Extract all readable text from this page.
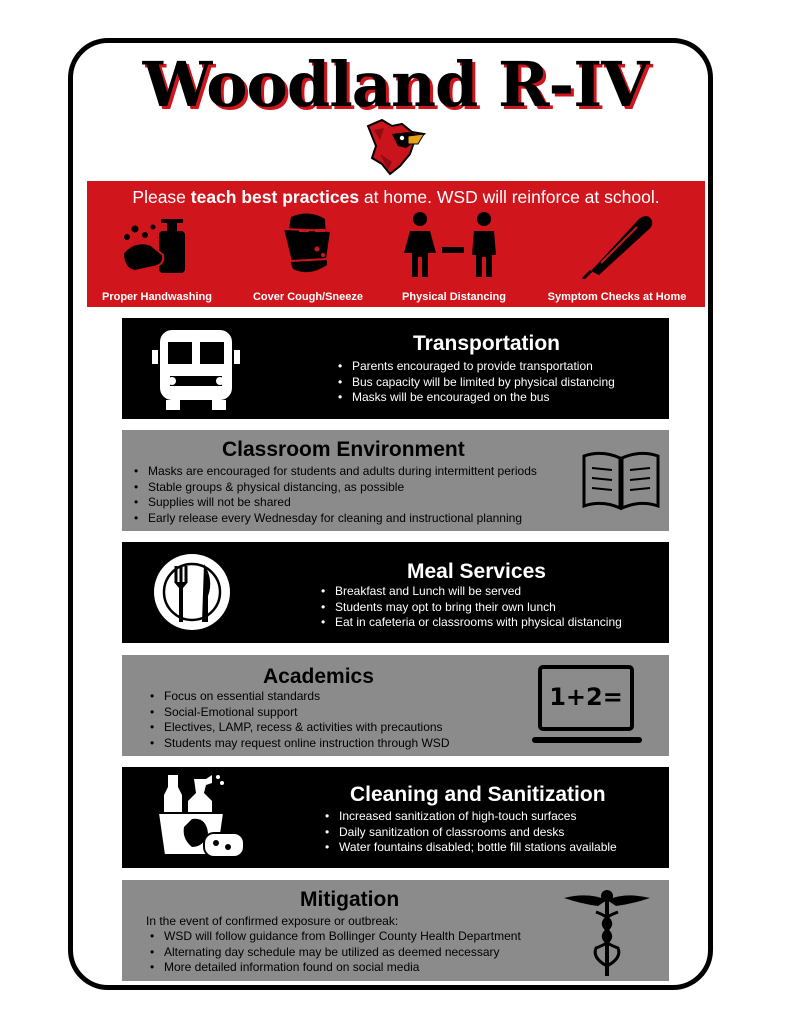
Woodland R-IV
Please teach best practices at home. WSD will reinforce at school.
Proper Handwashing	Cover Cough/Sneeze	Physical Distancing	Symptom Checks at Home
Transportation
• Parents encouraged to provide transportation
• Bus capacity will be limited by physical distancing
• Masks will be encouraged on the bus
Classroom Environment
• Masks are encouraged for students and adults during intermittent periods
• Stable groups & physical distancing, as possible
• Supplies will not be shared
• Early release every Wednesday for cleaning and instructional planning
Meal Services
• Breakfast and Lunch will be served
• Students may opt to bring their own lunch
• Eat in cafeteria or classrooms with physical distancing
Academics
• Focus on essential standards
• Social-Emotional support
• Electives, LAMP, recess & activities with precautions
• Students may request online instruction through WSD
1+2=
Cleaning and Sanitization
• Increased sanitization of high-touch surfaces
• Daily sanitization of classrooms and desks
• Water fountains disabled; bottle fill stations available
Mitigation
In the event of confirmed exposure or outbreak:
• WSD will follow guidance from Bollinger County Health Department
• Alternating day schedule may be utilized as deemed necessary
• More detailed information found on social media
